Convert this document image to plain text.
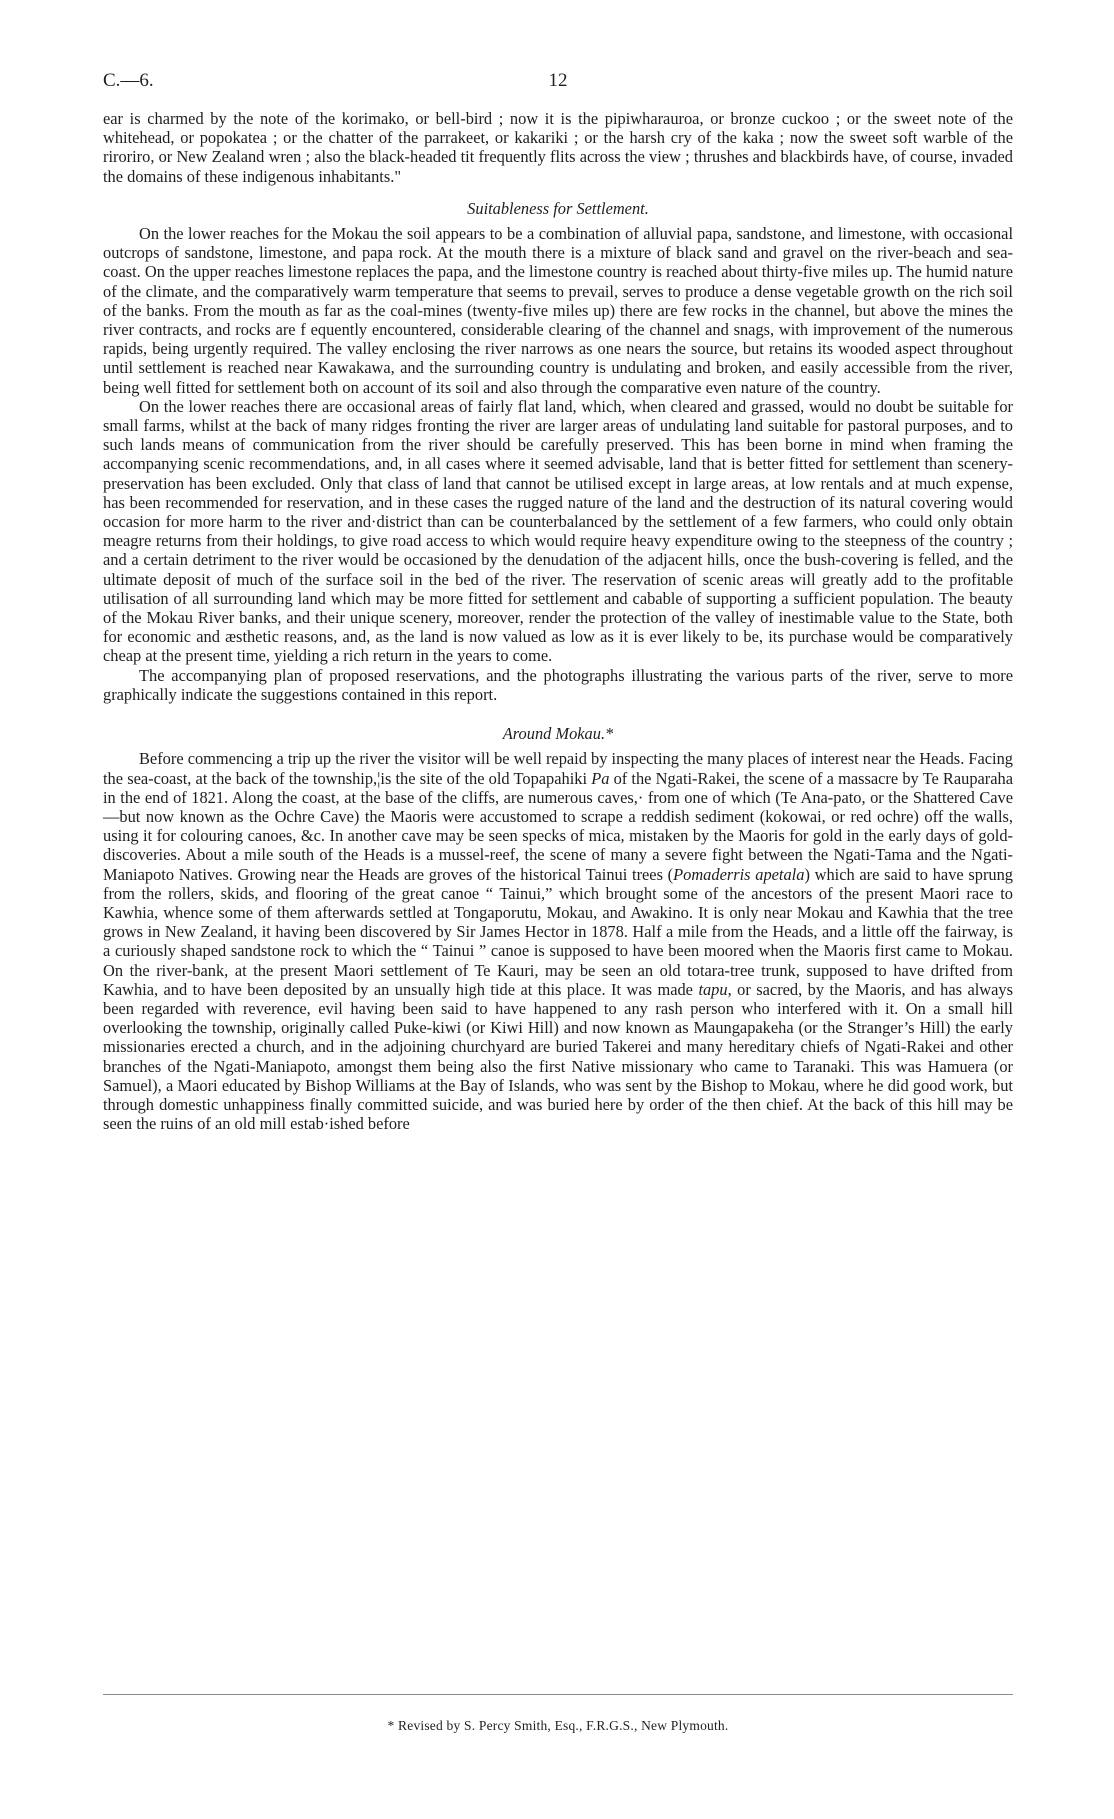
C.—6.	12

ear is charmed by the note of the korimako, or bell-bird ; now it is the pipiwharauroa, or bronze cuckoo ; or the sweet note of the whitehead, or popokatea ; or the chatter of the parrakeet, or kakariki ; or the harsh cry of the kaka ; now the sweet soft warble of the riroriro, or New Zealand wren ; also the black-headed tit frequently flits across the view ; thrushes and blackbirds have, of course, invaded the domains of these indigenous inhabitants."

Suitableness for Settlement.

On the lower reaches for the Mokau the soil appears to be a combination of alluvial papa, sandstone, and limestone, with occasional outcrops of sandstone, limestone, and papa rock. At the mouth there is a mixture of black sand and gravel on the river-beach and sea-coast. On the upper reaches limestone replaces the papa, and the limestone country is reached about thirty-five miles up. The humid nature of the climate, and the comparatively warm temperature that seems to prevail, serves to produce a dense vegetable growth on the rich soil of the banks. From the mouth as far as the coal-mines (twenty-five miles up) there are few rocks in the channel, but above the mines the river contracts, and rocks are f equently encountered, considerable clearing of the channel and snags, with improvement of the numerous rapids, being urgently required. The valley enclosing the river narrows as one nears the source, but retains its wooded aspect throughout until settlement is reached near Kawakawa, and the surrounding country is undulating and broken, and easily accessible from the river, being well fitted for settlement both on account of its soil and also through the comparative even nature of the country.

On the lower reaches there are occasional areas of fairly flat land, which, when cleared and grassed, would no doubt be suitable for small farms, whilst at the back of many ridges fronting the river are larger areas of undulating land suitable for pastoral purposes, and to such lands means of communication from the river should be carefully preserved. This has been borne in mind when framing the accompanying scenic recommendations, and, in all cases where it seemed advisable, land that is better fitted for settlement than scenery-preservation has been excluded. Only that class of land that cannot be utilised except in large areas, at low rentals and at much expense, has been recommended for reservation, and in these cases the rugged nature of the land and the destruction of its natural covering would occasion for more harm to the river and·district than can be counterbalanced by the settlement of a few farmers, who could only obtain meagre returns from their holdings, to give road access to which would require heavy expenditure owing to the steepness of the country ; and a certain detriment to the river would be occasioned by the denudation of the adjacent hills, once the bush-covering is felled, and the ultimate deposit of much of the surface soil in the bed of the river. The reservation of scenic areas will greatly add to the profitable utilisation of all surrounding land which may be more fitted for settlement and cabable of supporting a sufficient population. The beauty of the Mokau River banks, and their unique scenery, moreover, render the protection of the valley of inestimable value to the State, both for economic and æsthetic reasons, and, as the land is now valued as low as it is ever likely to be, its purchase would be comparatively cheap at the present time, yielding a rich return in the years to come.

The accompanying plan of proposed reservations, and the photographs illustrating the various parts of the river, serve to more graphically indicate the suggestions contained in this report.

Around Mokau.*

Before commencing a trip up the river the visitor will be well repaid by inspecting the many places of interest near the Heads. Facing the sea-coast, at the back of the township,¦is the site of the old Topapahiki Pa of the Ngati-Rakei, the scene of a massacre by Te Rauparaha in the end of 1821. Along the coast, at the base of the cliffs, are numerous caves,· from one of which (Te Ana-pato, or the Shattered Cave—but now known as the Ochre Cave) the Maoris were accustomed to scrape a reddish sediment (kokowai, or red ochre) off the walls, using it for colouring canoes, &c. In another cave may be seen specks of mica, mistaken by the Maoris for gold in the early days of gold-discoveries. About a mile south of the Heads is a mussel-reef, the scene of many a severe fight between the Ngati-Tama and the Ngati-Maniapoto Natives. Growing near the Heads are groves of the historical Tainui trees (Pomaderris apetala) which are said to have sprung from the rollers, skids, and flooring of the great canoe “ Tainui,” which brought some of the ancestors of the present Maori race to Kawhia, whence some of them afterwards settled at Tongaporutu, Mokau, and Awakino. It is only near Mokau and Kawhia that the tree grows in New Zealand, it having been discovered by Sir James Hector in 1878. Half a mile from the Heads, and a little off the fairway, is a curiously shaped sandstone rock to which the “ Tainui ” canoe is supposed to have been moored when the Maoris first came to Mokau. On the river-bank, at the present Maori settlement of Te Kauri, may be seen an old totara-tree trunk, supposed to have drifted from Kawhia, and to have been deposited by an unsually high tide at this place. It was made tapu, or sacred, by the Maoris, and has always been regarded with reverence, evil having been said to have happened to any rash person who interfered with it. On a small hill overlooking the township, originally called Puke-kiwi (or Kiwi Hill) and now known as Maungapakeha (or the Stranger’s Hill) the early missionaries erected a church, and in the adjoining churchyard are buried Takerei and many hereditary chiefs of Ngati-Rakei and other branches of the Ngati-Maniapoto, amongst them being also the first Native missionary who came to Taranaki. This was Hamuera (or Samuel), a Maori educated by Bishop Williams at the Bay of Islands, who was sent by the Bishop to Mokau, where he did good work, but through domestic unhappiness finally committed suicide, and was buried here by order of the then chief. At the back of this hill may be seen the ruins of an old mill estab·ished before

* Revised by S. Percy Smith, Esq., F.R.G.S., New Plymouth.
